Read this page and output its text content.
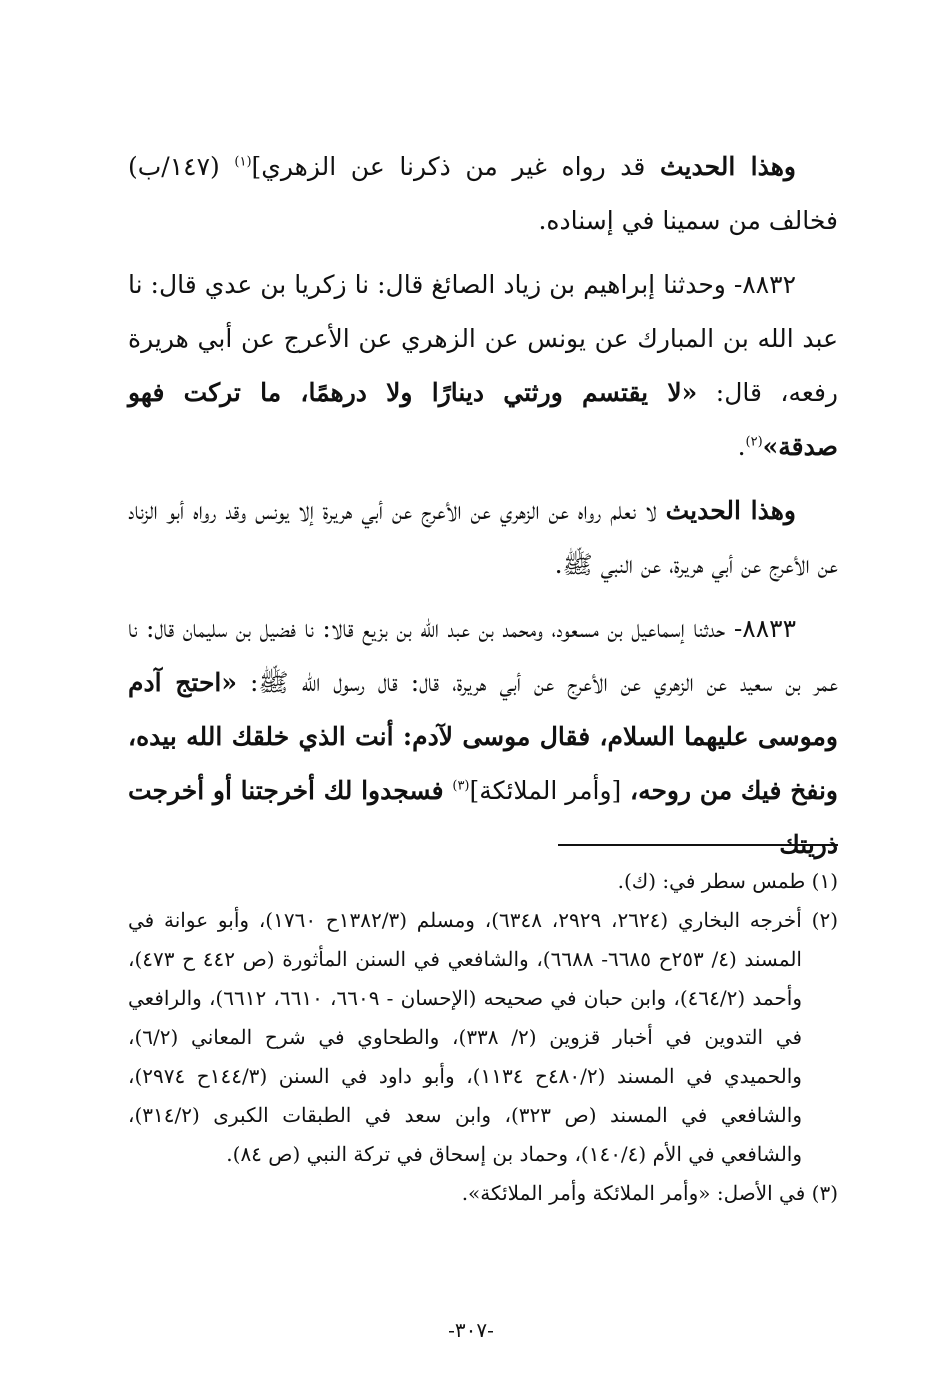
وهذا الحديث قد رواه غير من ذكرنا عن الزهري]$^{(١)}$ (١٤٧/ب) فخالف من سمينا في إسناده.

٨٨٣٢- وحدثنا إبراهيم بن زياد الصائغ قال: نا زكريا بن عدي قال: نا عبد الله بن المبارك عن يونس عن الزهري عن الأعرج عن أبي هريرة رفعه، قال: «لا يقتسم ورثتي دينارًا ولا درهمًا، ما تركت فهو صدقة»$^{(٢)}$.

وهذا الحديث لا نعلم رواه عن الزهري عن الأعرج عن أبي هريرة إلا يونس وقد رواه أبو الزناد عن الأعرج عن أبي هريرة، عن النبي ﷺ.

٨٨٣٣- حدثنا إسماعيل بن مسعود، ومحمد بن عبد الله بن بزيع قالا: نا فضيل بن سليمان قال: نا عمر بن سعيد عن الزهري عن الأعرج عن أبي هريرة، قال: قال رسول الله ﷺ: «احتج آدم وموسى عليهما السلام، فقال موسى لآدم: أنت الذي خلقك الله بيده، ونفخ فيك من روحه، [وأمر الملائكة]$^{(٣)}$ فسجدوا لك أخرجتنا أو أخرجت ذريتك

(١) طمس سطر في: (ك).

(٢) أخرجه البخاري (٢٦٢٤، ٢٩٢٩، ٦٣٤٨)، ومسلم (١٣٨٢/٣ح ١٧٦٠)، وأبو عوانة في المسند (٤/ ٢٥٣ح ٦٦٨٥- ٦٦٨٨)، والشافعي في السنن المأثورة (ص ٤٤٢ ح ٤٧٣)، وأحمد (٤٦٤/٢)، وابن حبان في صحيحه (الإحسان - ٦٦٠٩، ٦٦١٠، ٦٦١٢)، والرافعي في التدوين في أخبار قزوين (٢/ ٣٣٨)، والطحاوي في شرح المعاني (٦/٢)، والحميدي في المسند (٤٨٠/٢ح ١١٣٤)، وأبو داود في السنن (١٤٤/٣ح ٢٩٧٤)، والشافعي في المسند (ص ٣٢٣)، وابن سعد في الطبقات الكبرى (٣١٤/٢)، والشافعي في الأم (١٤٠/٤)، وحماد بن إسحاق في تركة النبي (ص ٨٤).

(٣) في الأصل: «وأمر الملائكة وأمر الملائكة».

-٣٠٧-
